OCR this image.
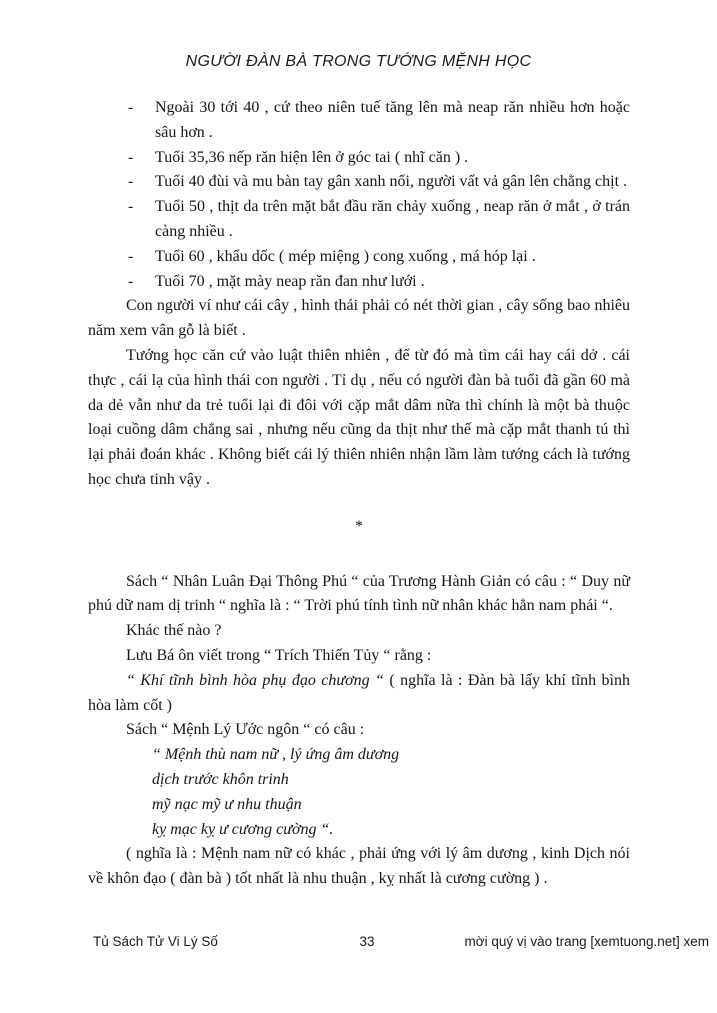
NGƯỜI ĐÀN BÀ TRONG TƯỚNG MỆNH HỌC
- Ngoài 30 tới 40 , cứ theo niên tuế tăng lên mà neap răn nhiều hơn hoặc sâu hơn .
- Tuổi 35,36 nếp răn hiện lên ở góc tai ( nhĩ căn ) .
- Tuổi 40 đùi và mu bàn tay gân xanh nổi, người vất vả gân lên chằng chịt .
- Tuổi 50 , thịt da trên mặt bắt đầu răn chảy xuống , neap răn ở mắt , ở trán càng nhiều .
- Tuổi 60 , khẩu dốc ( mép miệng ) cong xuống , má hóp lại .
- Tuổi 70 , mặt mày neap răn đan như lưới .

Con người ví như cái cây , hình thái phải có nét thời gian , cây sống bao nhiêu năm xem vân gỗ là biết .

Tướng học căn cứ vào luật thiên nhiên , để từ đó mà tìm cái hay cái dở . cái thực , cái lạ của hình thái con người . Tỉ dụ , nếu có người đàn bà tuổi đã gần 60 mà da dẻ vẫn như da trẻ tuổi lại đi đôi với cặp mắt dâm nữa thì chính là một bà thuộc loại cuồng dâm chẳng sai , nhưng nếu cũng da thịt như thế mà cặp mắt thanh tú thì lại phải đoán khác . Không biết cái lý thiên nhiên nhận lầm làm tướng cách là tướng học chưa tinh vậy .

*

Sách “ Nhân Luân Đại Thông Phú “ của Trương Hành Giản có câu : “ Duy nữ phú dữ nam dị trinh “ nghĩa là : “ Trời phú tính tình nữ nhân khác hẳn nam phái “.

Khác thế nào ?

Lưu Bá ôn viết trong “ Trích Thiến Tủy “ rằng :

“ Khí tĩnh bình hòa phụ đạo chương “ ( nghĩa là : Đàn bà lấy khí tĩnh bình hòa làm cốt )

Sách “ Mệnh Lý Ước ngôn “ có câu :

“ Mệnh thù nam nữ , lý ứng âm dương
dịch trước khôn trinh
mỹ nạc mỹ ư nhu thuận
kỵ mạc kỵ ư cương cường “.

( nghĩa là : Mệnh nam nữ có khác , phải ứng với lý âm dương , kinh Dịch nói về khôn đạo ( đàn bà ) tốt nhất là nhu thuận , kỵ nhất là cương cường ) .

Tủ Sách Tử Vi Lý Số	33	mời quý vị vào trang [xemtuong.net] xem
